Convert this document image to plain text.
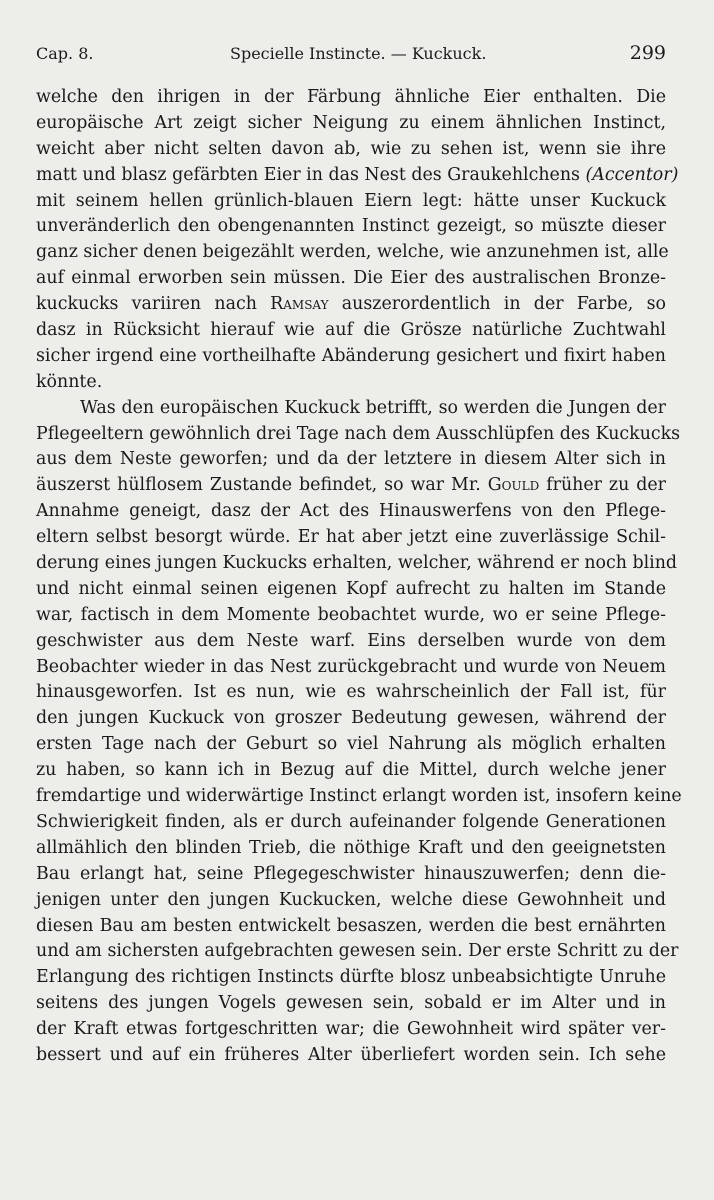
Cap. 8.	Specielle Instincte. — Kuckuck.	299
welche den ihrigen in der Färbung ähnliche Eier enthalten. Die
europäische Art zeigt sicher Neigung zu einem ähnlichen Instinct,
weicht aber nicht selten davon ab, wie zu sehen ist, wenn sie ihre
matt und blasz gefärbten Eier in das Nest des Graukehlchens (Accentor)
mit seinem hellen grünlich-blauen Eiern legt: hätte unser Kuckuck
unveränderlich den obengenannten Instinct gezeigt, so müszte dieser
ganz sicher denen beigezählt werden, welche, wie anzunehmen ist, alle
auf einmal erworben sein müssen. Die Eier des australischen Bronze-
kuckucks variiren nach Ramsay auszerordentlich in der Farbe, so
dasz in Rücksicht hierauf wie auf die Grösze natürliche Zuchtwahl
sicher irgend eine vortheilhafte Abänderung gesichert und fixirt haben
könnte.
Was den europäischen Kuckuck betrifft, so werden die Jungen der
Pflegeeltern gewöhnlich drei Tage nach dem Ausschlüpfen des Kuckucks
aus dem Neste geworfen; und da der letztere in diesem Alter sich in
äuszerst hülflosem Zustande befindet, so war Mr. Gould früher zu der
Annahme geneigt, dasz der Act des Hinauswerfens von den Pflege-
eltern selbst besorgt würde. Er hat aber jetzt eine zuverlässige Schil-
derung eines jungen Kuckucks erhalten, welcher, während er noch blind
und nicht einmal seinen eigenen Kopf aufrecht zu halten im Stande
war, factisch in dem Momente beobachtet wurde, wo er seine Pflege-
geschwister aus dem Neste warf. Eins derselben wurde von dem
Beobachter wieder in das Nest zurückgebracht und wurde von Neuem
hinausgeworfen. Ist es nun, wie es wahrscheinlich der Fall ist, für
den jungen Kuckuck von groszer Bedeutung gewesen, während der
ersten Tage nach der Geburt so viel Nahrung als möglich erhalten
zu haben, so kann ich in Bezug auf die Mittel, durch welche jener
fremdartige und widerwärtige Instinct erlangt worden ist, insofern keine
Schwierigkeit finden, als er durch aufeinander folgende Generationen
allmählich den blinden Trieb, die nöthige Kraft und den geeignetsten
Bau erlangt hat, seine Pflegegeschwister hinauszuwerfen; denn die-
jenigen unter den jungen Kuckucken, welche diese Gewohnheit und
diesen Bau am besten entwickelt besaszen, werden die best ernährten
und am sichersten aufgebrachten gewesen sein. Der erste Schritt zu der
Erlangung des richtigen Instincts dürfte blosz unbeabsichtigte Unruhe
seitens des jungen Vogels gewesen sein, sobald er im Alter und in
der Kraft etwas fortgeschritten war; die Gewohnheit wird später ver-
bessert und auf ein früheres Alter überliefert worden sein. Ich sehe
